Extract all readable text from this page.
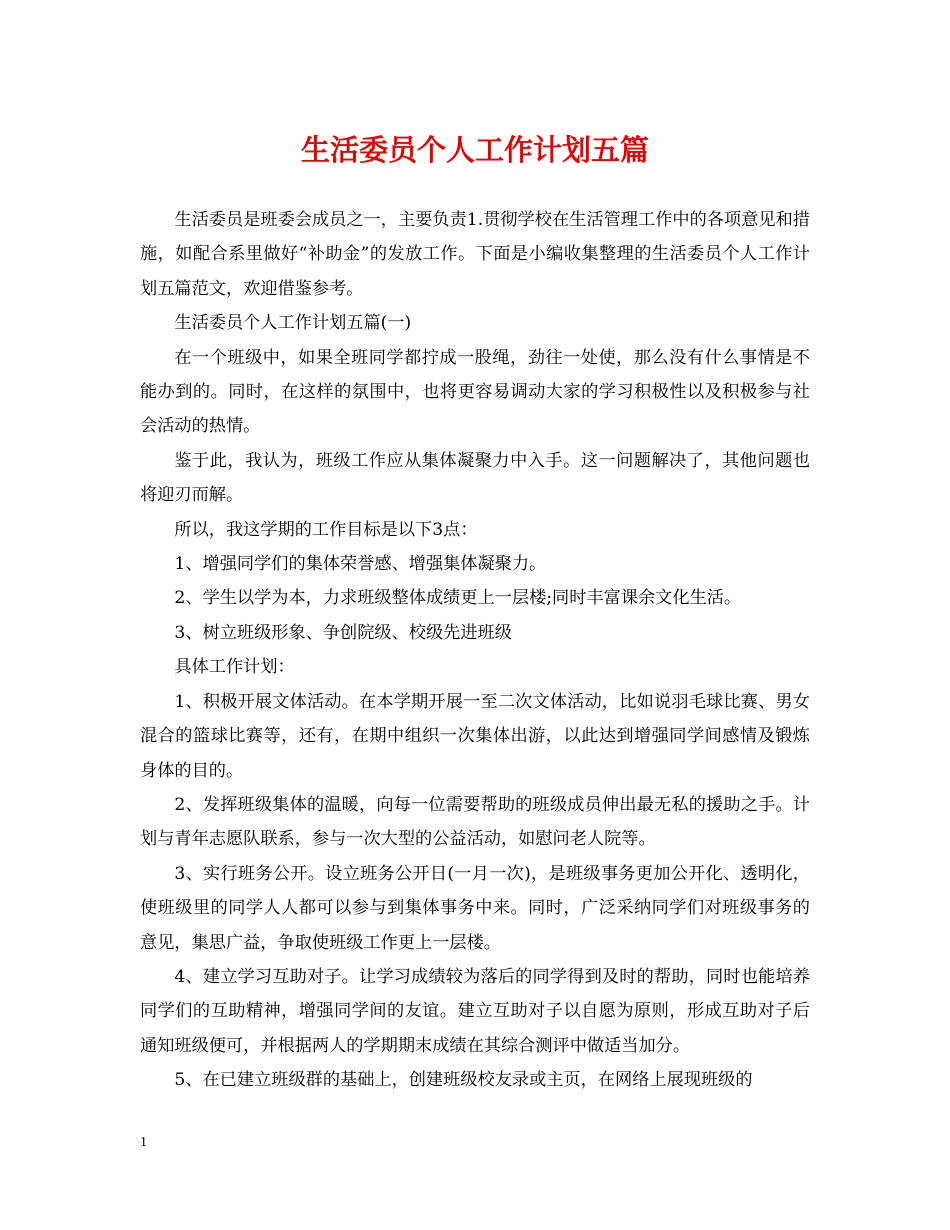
生活委员个人工作计划五篇

生活委员是班委会成员之一，主要负责1.贯彻学校在生活管理工作中的各项意见和措施，如配合系里做好“补助金”的发放工作。下面是小编收集整理的生活委员个人工作计划五篇范文，欢迎借鉴参考。

生活委员个人工作计划五篇(一)

在一个班级中，如果全班同学都拧成一股绳，劲往一处使，那么没有什么事情是不能办到的。同时，在这样的氛围中，也将更容易调动大家的学习积极性以及积极参与社会活动的热情。

鉴于此，我认为，班级工作应从集体凝聚力中入手。这一问题解决了，其他问题也将迎刃而解。

所以，我这学期的工作目标是以下3点：

1、增强同学们的集体荣誉感、增强集体凝聚力。

2、学生以学为本，力求班级整体成绩更上一层楼;同时丰富课余文化生活。

3、树立班级形象、争创院级、校级先进班级

具体工作计划：

1、积极开展文体活动。在本学期开展一至二次文体活动，比如说羽毛球比赛、男女混合的篮球比赛等，还有，在期中组织一次集体出游，以此达到增强同学间感情及锻炼身体的目的。

2、发挥班级集体的温暖，向每一位需要帮助的班级成员伸出最无私的援助之手。计划与青年志愿队联系，参与一次大型的公益活动，如慰问老人院等。

3、实行班务公开。设立班务公开日(一月一次)，是班级事务更加公开化、透明化，使班级里的同学人人都可以参与到集体事务中来。同时，广泛采纳同学们对班级事务的意见，集思广益，争取使班级工作更上一层楼。

4、建立学习互助对子。让学习成绩较为落后的同学得到及时的帮助，同时也能培养同学们的互助精神，增强同学间的友谊。建立互助对子以自愿为原则，形成互助对子后通知班级便可，并根据两人的学期期末成绩在其综合测评中做适当加分。

5、在已建立班级群的基础上，创建班级校友录或主页，在网络上展现班级的

1
